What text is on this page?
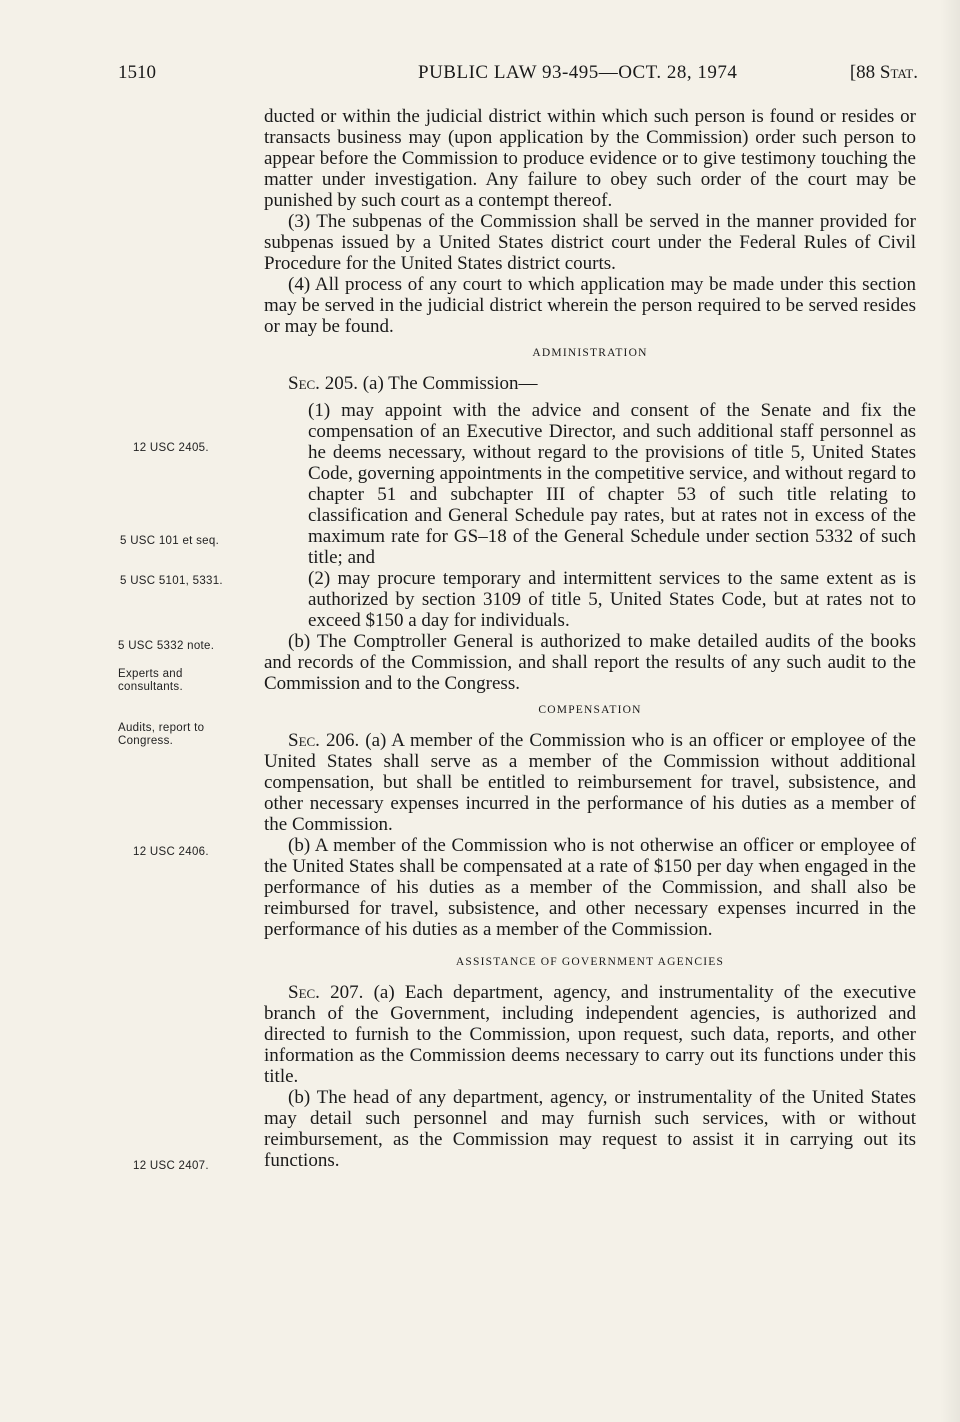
1510	PUBLIC LAW 93-495—OCT. 28, 1974	[88 Stat.
12 USC 2405.
5 USC 101 et seq.
5 USC 5101, 5331.
5 USC 5332 note.
Experts and consultants.
Audits, report to Congress.
12 USC 2406.
12 USC 2407.

ducted or within the judicial district within which such person is found or resides or transacts business may (upon application by the Commission) order such person to appear before the Commission to produce evidence or to give testimony touching the matter under investigation. Any failure to obey such order of the court may be punished by such court as a contempt thereof.

(3) The subpenas of the Commission shall be served in the manner provided for subpenas issued by a United States district court under the Federal Rules of Civil Procedure for the United States district courts.

(4) All process of any court to which application may be made under this section may be served in the judicial district wherein the person required to be served resides or may be found.

ADMINISTRATION

Sec. 205. (a) The Commission—

(1) may appoint with the advice and consent of the Senate and fix the compensation of an Executive Director, and such additional staff personnel as he deems necessary, without regard to the provisions of title 5, United States Code, governing appointments in the competitive service, and without regard to chapter 51 and subchapter III of chapter 53 of such title relating to classification and General Schedule pay rates, but at rates not in excess of the maximum rate for GS–18 of the General Schedule under section 5332 of such title; and

(2) may procure temporary and intermittent services to the same extent as is authorized by section 3109 of title 5, United States Code, but at rates not to exceed $150 a day for individuals.

(b) The Comptroller General is authorized to make detailed audits of the books and records of the Commission, and shall report the results of any such audit to the Commission and to the Congress.

COMPENSATION

Sec. 206. (a) A member of the Commission who is an officer or employee of the United States shall serve as a member of the Commission without additional compensation, but shall be entitled to reimbursement for travel, subsistence, and other necessary expenses incurred in the performance of his duties as a member of the Commission.

(b) A member of the Commission who is not otherwise an officer or employee of the United States shall be compensated at a rate of $150 per day when engaged in the performance of his duties as a member of the Commission, and shall also be reimbursed for travel, subsistence, and other necessary expenses incurred in the performance of his duties as a member of the Commission.

ASSISTANCE OF GOVERNMENT AGENCIES

Sec. 207. (a) Each department, agency, and instrumentality of the executive branch of the Government, including independent agencies, is authorized and directed to furnish to the Commission, upon request, such data, reports, and other information as the Commission deems necessary to carry out its functions under this title.

(b) The head of any department, agency, or instrumentality of the United States may detail such personnel and may furnish such services, with or without reimbursement, as the Commission may request to assist it in carrying out its functions.
